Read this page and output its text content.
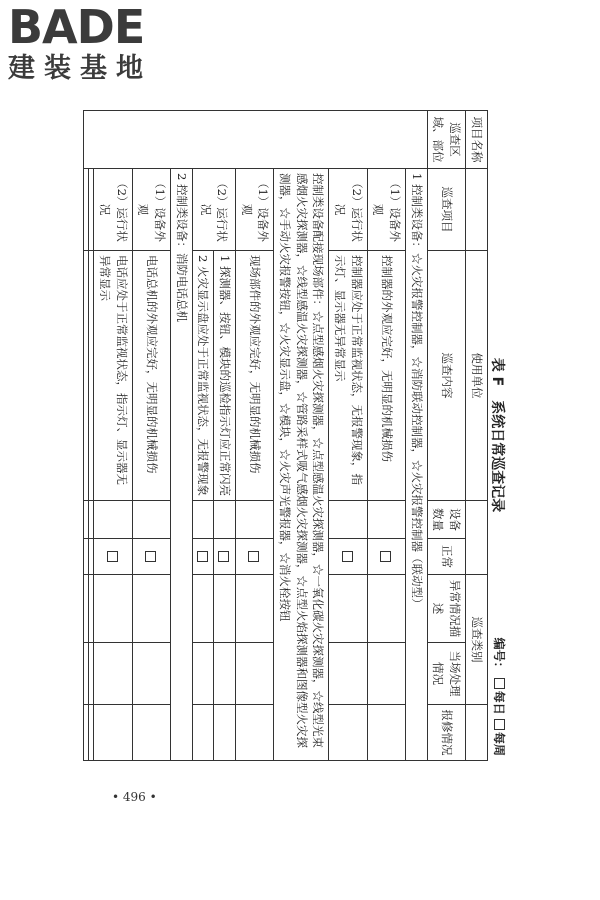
BADE
建装基地
• 496 •
表 F　系统日常巡查记录
编号： 每日 每周
项目名称		使用单位			巡查类别		
巡查区域、部位	巡查项目	巡查内容	设备数量	正常	异常情况描述	当场处理情况	报修情况
	1 控制类设备：☆火灾报警控制器，☆消防联动控制器，☆火灾报警控制器（联动型）						
	（1）设备外观	控制器的外观应完好，无明显的机械损伤					
	（2）运行状况	控制器应处于正常监视状态，无报警现象，指示灯、显示器无异常显示					
	控制类设备配接现场部件：☆点型感烟火灾探测器，☆点型感温火灾探测器，☆一氧化碳火灾探测器，☆线型光束感烟火灾探测器，☆线型感温火灾探测器，☆管路采样式吸气感烟火灾探测器，☆点型火焰探测器和图像型火灾探测器，☆手动火灾报警按钮，☆火灾显示盘，☆模块，☆火灾声光警报器，☆消火栓按钮						
	（1）设备外观	现场部件的外观应完好，无明显的机械损伤					
	（2）运行状况	1 探测器、按钮、模块的巡检指示灯应正常闪亮					
		2 火灾显示盘应处于正常监视状态，无报警现象					
	2 控制类设备：消防电话总机						
	（1）设备外观	电话总机的外观应完好，无明显的机械损伤					
	（2）运行状况	电话应处于正常监视状态，指示灯、显示器无异常显示					
